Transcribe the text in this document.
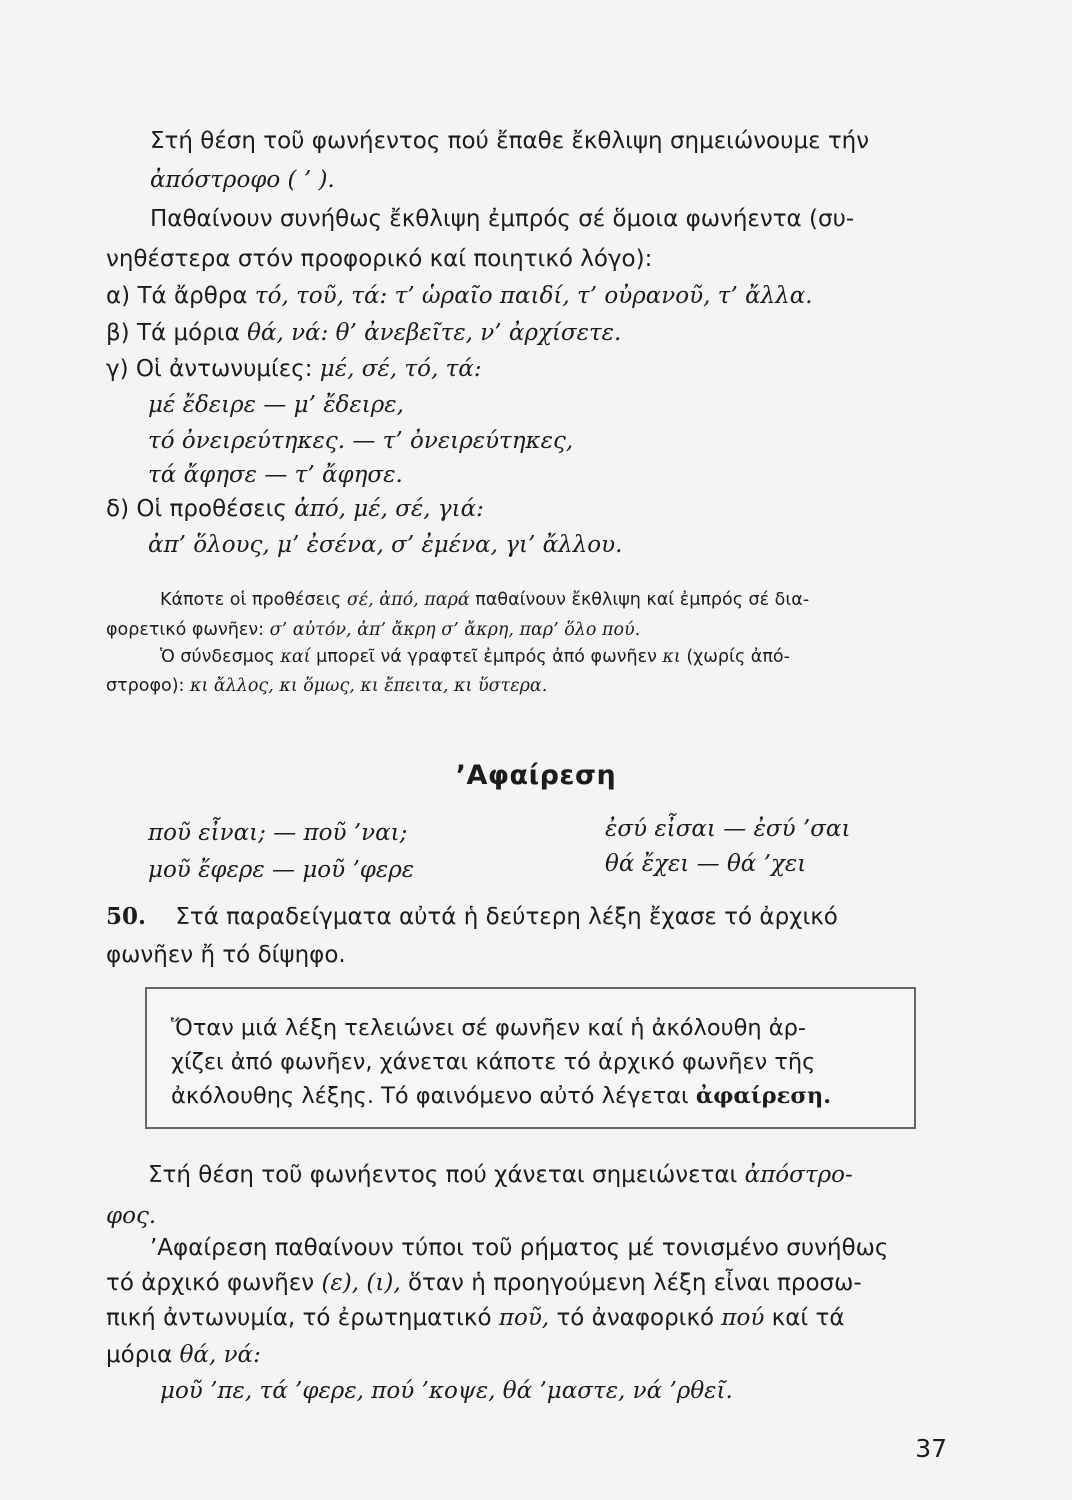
Στή θέση τοῦ φωνήεντος πού ἔπαθε ἔκθλιψη σημειώνουμε τήν
ἀπόστροφο ( ’ ).
Παθαίνουν συνήθως ἔκθλιψη ἐμπρός σέ ὅμοια φωνήεντα (συ-
νηθέστερα στόν προφορικό καί ποιητικό λόγο):
α) Τά ἄρθρα τό, τοῦ, τά: τ’ ὡραῖο παιδί, τ’ οὐρανοῦ, τ’ ἄλλα.
β) Τά μόρια θά, νά: θ’ ἀνεβεῖτε, ν’ ἀρχίσετε.
γ) Οἱ ἀντωνυμίες: μέ, σέ, τό, τά:
μέ ἔδειρε — μ’ ἔδειρε,
τό ὀνειρεύτηκες. — τ’ ὀνειρεύτηκες,
τά ἄφησε — τ’ ἄφησε.
δ) Οἱ προθέσεις ἀπό, μέ, σέ, γιά:
ἀπ’ ὅλους, μ’ ἐσένα, σ’ ἐμένα, γι’ ἄλλου.
Κάποτε οἱ προθέσεις σέ, ἀπό, παρά παθαίνουν ἔκθλιψη καί ἐμπρός σέ δια-
φορετικό φωνῆεν: σ’ αὐτόν, ἀπ’ ἄκρη σ’ ἄκρη, παρ’ ὅλο πού.
Ὁ σύνδεσμος καί μπορεῖ νά γραφτεῖ ἐμπρός ἀπό φωνῆεν κι (χωρίς ἀπό-
στροφο): κι ἄλλος, κι ὅμως, κι ἔπειτα, κι ὕστερα.
’Αφαίρεση
ποῦ εἶναι; — ποῦ ’ναι;	ἐσύ εἶσαι — ἐσύ ’σαι
μοῦ ἔφερε — μοῦ ’φερε	θά ἔχει — θά ’χει
50. Στά παραδείγματα αὐτά ἡ δεύτερη λέξη ἔχασε τό ἀρχικό
φωνῆεν ἤ τό δίψηφο.
Ὅταν μιά λέξη τελειώνει σέ φωνῆεν καί ἡ ἀκόλουθη ἀρ-
χίζει ἀπό φωνῆεν, χάνεται κάποτε τό ἀρχικό φωνῆεν τῆς
ἀκόλουθης λέξης. Τό φαινόμενο αὐτό λέγεται ἀφαίρεση.
Στή θέση τοῦ φωνήεντος πού χάνεται σημειώνεται ἀπόστρο-
φος.
’Αφαίρεση παθαίνουν τύποι τοῦ ρήματος μέ τονισμένο συνήθως
τό ἀρχικό φωνῆεν (ε), (ι), ὅταν ἡ προηγούμενη λέξη εἶναι προσω-
πική ἀντωνυμία, τό ἐρωτηματικό ποῦ, τό ἀναφορικό πού καί τά
μόρια θά, νά:
μοῦ ’πε, τά ’φερε, πού ’κοψε, θά ’μαστε, νά ’ρθεῖ.
37
